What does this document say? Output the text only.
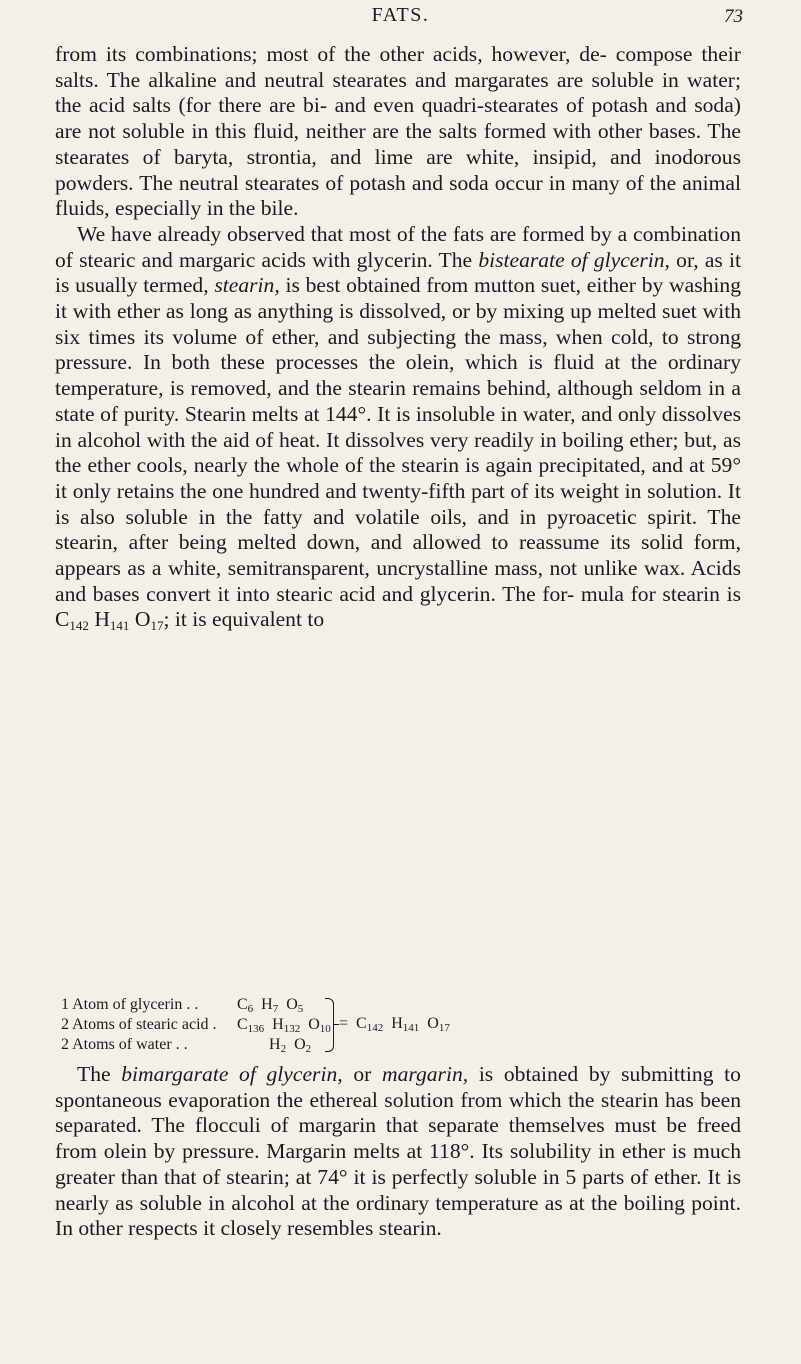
FATS.	73

from its combinations; most of the other acids, however, de- compose their salts. The alkaline and neutral stearates and margarates are soluble in water; the acid salts (for there are bi- and even quadri-stearates of potash and soda) are not soluble in this fluid, neither are the salts formed with other bases. The stearates of baryta, strontia, and lime are white, insipid, and inodorous powders. The neutral stearates of potash and soda occur in many of the animal fluids, especially in the bile.

We have already observed that most of the fats are formed by a combination of stearic and margaric acids with glycerin. The bistearate of glycerin, or, as it is usually termed, stearin, is best obtained from mutton suet, either by washing it with ether as long as anything is dissolved, or by mixing up melted suet with six times its volume of ether, and subjecting the mass, when cold, to strong pressure. In both these processes the olein, which is fluid at the ordinary temperature, is removed, and the stearin remains behind, although seldom in a state of purity. Stearin melts at 144°. It is insoluble in water, and only dissolves in alcohol with the aid of heat. It dissolves very readily in boiling ether; but, as the ether cools, nearly the whole of the stearin is again precipitated, and at 59° it only retains the one hundred and twenty-fifth part of its weight in solution. It is also soluble in the fatty and volatile oils, and in pyroacetic spirit. The stearin, after being melted down, and allowed to reassume its solid form, appears as a white, semitransparent, uncrystalline mass, not unlike wax. Acids and bases convert it into stearic acid and glycerin. The for- mula for stearin is $C_{142}$ $H_{141}$ $O_{17}$; it is equivalent to

1 Atom of glycerin . .	$C_6$ $H_7$ $O_5$
2 Atoms of stearic acid .	$C_{136}$ $H_{132}$ $O_{10}$
2 Atoms of water . .	$H_2$ $O_2$
= $C_{142}$ $H_{141}$ $O_{17}$

The bimargarate of glycerin, or margarin, is obtained by submitting to spontaneous evaporation the ethereal solution from which the stearin has been separated. The flocculi of margarin that separate themselves must be freed from olein by pressure. Margarin melts at 118°. Its solubility in ether is much greater than that of stearin; at 74° it is perfectly soluble in 5 parts of ether. It is nearly as soluble in alcohol at the ordinary temperature as at the boiling point. In other respects it closely resembles stearin.
